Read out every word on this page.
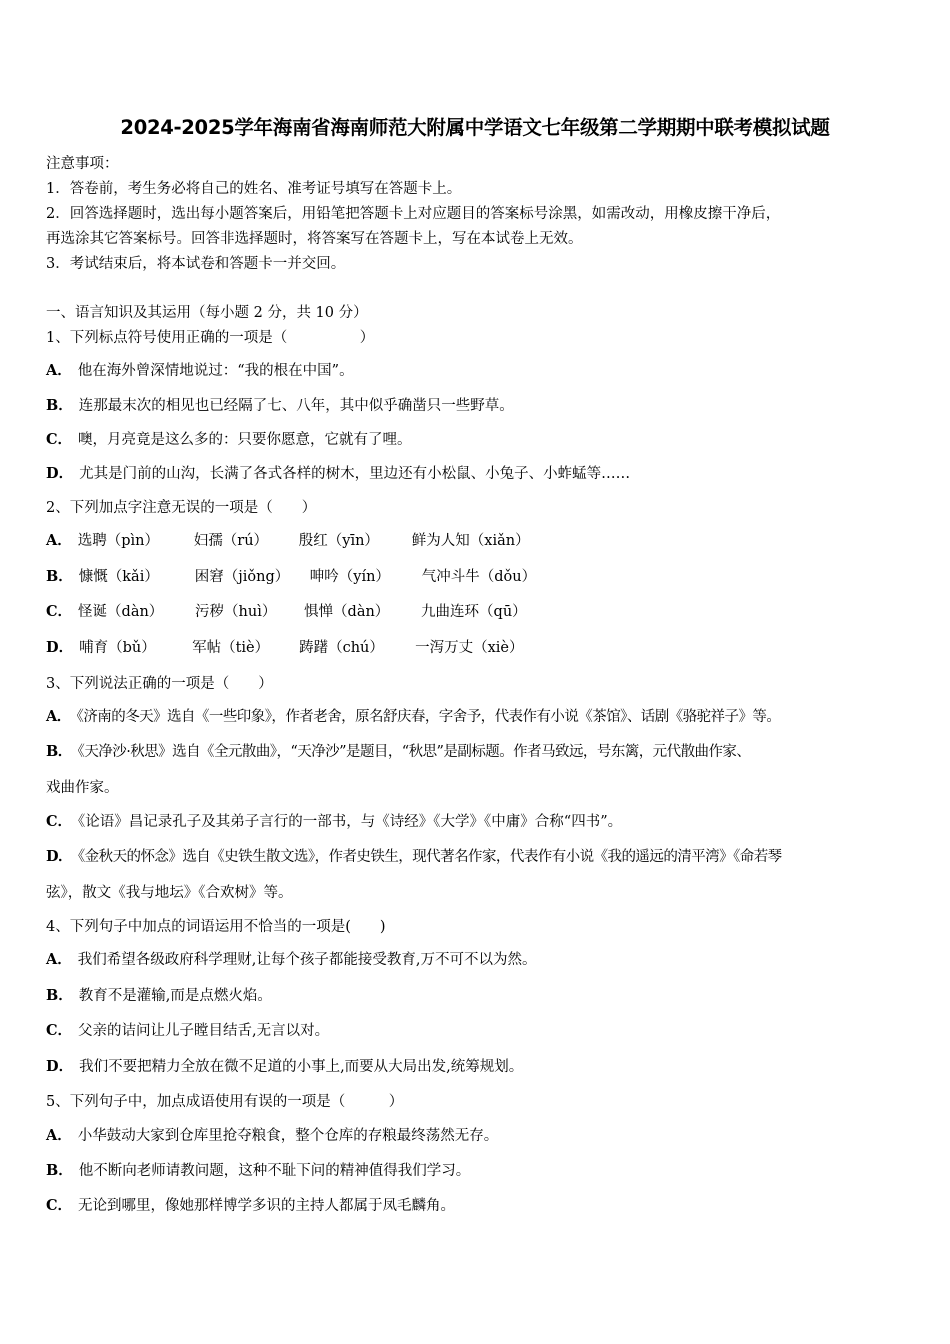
2024-2025学年海南省海南师范大附属中学语文七年级第二学期期中联考模拟试题
注意事项：
1．答卷前，考生务必将自己的姓名、准考证号填写在答题卡上。
2．回答选择题时，选出每小题答案后，用铅笔把答题卡上对应题目的答案标号涂黑，如需改动，用橡皮擦干净后，
再选涂其它答案标号。回答非选择题时，将答案写在答题卡上，写在本试卷上无效。
3．考试结束后，将本试卷和答题卡一并交回。
一、语言知识及其运用（每小题 2 分，共 10 分）
1、下列标点符号使用正确的一项是（　　　　　）
A． 他在海外曾深情地说过：“我的根在中国”。
B． 连那最末次的相见也已经隔了七、八年，其中似乎确凿只一些野草。
C． 噢，月亮竟是这么多的：只要你愿意，它就有了哩。
D． 尤其是门前的山沟，长满了各式各样的树木，里边还有小松鼠、小兔子、小蚱蜢等……
2、下列加点字注意无误的一项是（　　）
A． 选聘（pìn） 妇孺（rú） 殷红（yīn） 鲜为人知（xiǎn）
B． 慷慨（kǎi） 困窘（jiǒng） 呻吟（yín） 气冲斗牛（dǒu）
C． 怪诞（dàn） 污秽（huì） 惧惮（dàn） 九曲连环（qū）
D． 哺育（bǔ）	军帖（tiè） 踌躇（chú） 一泻万丈（xiè）
3、下列说法正确的一项是（　　）
A． 《济南的冬天》选自《一些印象》，作者老舍，原名舒庆春，字舍予，代表作有小说《茶馆》、话剧《骆驼祥子》等。
B． 《天净沙·秋思》选自《全元散曲》，“天净沙”是题目，“秋思”是副标题。作者马致远，号东篱，元代散曲作家、
戏曲作家。
C． 《论语》昌记录孔子及其弟子言行的一部书，与《诗经》《大学》《中庸》合称“四书”。
D． 《金秋天的怀念》选自《史铁生散文选》，作者史铁生，现代著名作家，代表作有小说《我的遥远的清平湾》《命若琴
弦》，散文《我与地坛》《合欢树》等。
4、下列句子中加点的词语运用不恰当的一项是(　　)
A． 我们希望各级政府科学理财,让每个孩子都能接受教育,万不可不以为然。
B． 教育不是灌输,而是点燃火焰。
C． 父亲的诘问让儿子瞠目结舌,无言以对。
D． 我们不要把精力全放在微不足道的小事上,而要从大局出发,统筹规划。
5、下列句子中，加点成语使用有误的一项是（　　　）
A． 小华鼓动大家到仓库里抢夺粮食，整个仓库的存粮最终荡然无存。
B． 他不断向老师请教问题，这种不耻下问的精神值得我们学习。
C． 无论到哪里，像她那样博学多识的主持人都属于凤毛麟角。
